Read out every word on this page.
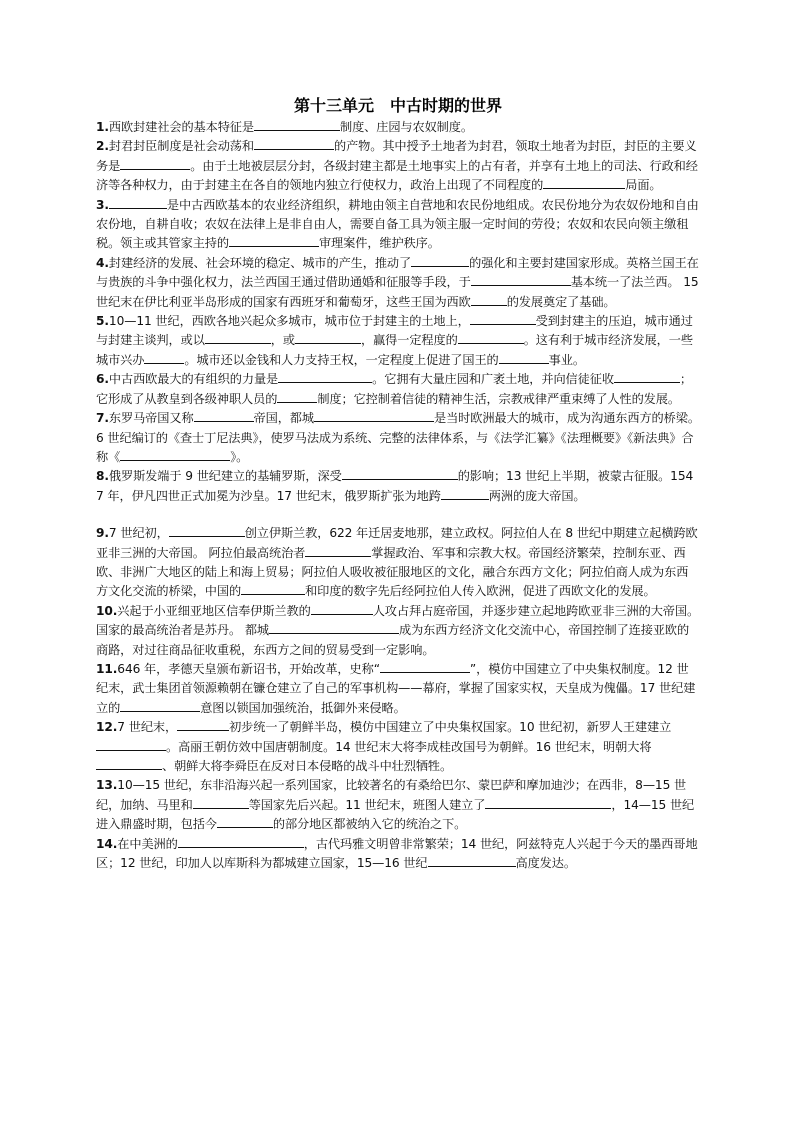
第十三单元　中古时期的世界

1.西欧封建社会的基本特征是	制度、庄园与农奴制度。

2.封君封臣制度是社会动荡和	的产物。其中授予土地者为封君，领取土地者为封臣，封臣的主要义务是	。由于土地被层层分封，各级封建主都是土地事实上的占有者，并享有土地上的司法、行政和经济等各种权力，由于封建主在各自的领地内独立行使权力，政治上出现了不同程度的	局面。

3.	是中古西欧基本的农业经济组织，耕地由领主自营地和农民份地组成。农民份地分为农奴份地和自由农份地，自耕自收；农奴在法律上是非自由人，需要自备工具为领主服一定时间的劳役；农奴和农民向领主缴租税。领主或其管家主持的	审理案件，维护秩序。

4.封建经济的发展、社会环境的稳定、城市的产生，推动了	的强化和主要封建国家形成。英格兰国王在与贵族的斗争中强化权力，法兰西国王通过借助通婚和征服等手段，于	基本统一了法兰西。 15 世纪末在伊比利亚半岛形成的国家有西班牙和葡萄牙，这些王国为西欧	的发展奠定了基础。

5.10—11 世纪，西欧各地兴起众多城市，城市位于封建主的土地上，	受到封建主的压迫，城市通过与封建主谈判，或以	，或	，赢得一定程度的	。这有利于城市经济发展，一些城市兴办	。城市还以金钱和人力支持王权，一定程度上促进了国王的	事业。

6.中古西欧最大的有组织的力量是	。它拥有大量庄园和广袤土地，并向信徒征收	；它形成了从教皇到各级神职人员的	制度；它控制着信徒的精神生活，宗教戒律严重束缚了人性的发展。

7.东罗马帝国又称	帝国，都城	是当时欧洲最大的城市，成为沟通东西方的桥梁。6 世纪编订的《查士丁尼法典》，使罗马法成为系统、完整的法律体系，与《法学汇纂》《法理概要》《新法典》合称《	》。

8.俄罗斯发端于 9 世纪建立的基辅罗斯，深受	的影响；13 世纪上半期，被蒙古征服。1547 年，伊凡四世正式加冕为沙皇。17 世纪末，俄罗斯扩张为地跨	两洲的庞大帝国。

9.7 世纪初，	创立伊斯兰教，622 年迁居麦地那，建立政权。阿拉伯人在 8 世纪中期建立起横跨欧亚非三洲的大帝国。 阿拉伯最高统治者	掌握政治、军事和宗教大权。帝国经济繁荣，控制东亚、西欧、非洲广大地区的陆上和海上贸易；阿拉伯人吸收被征服地区的文化，融合东西方文化；阿拉伯商人成为东西方文化交流的桥梁，中国的	和印度的数字先后经阿拉伯人传入欧洲，促进了西欧文化的发展。

10.兴起于小亚细亚地区信奉伊斯兰教的	人攻占拜占庭帝国，并逐步建立起地跨欧亚非三洲的大帝国。国家的最高统治者是苏丹。 都城	成为东西方经济文化交流中心，帝国控制了连接亚欧的商路，对过往商品征收重税，东西方之间的贸易受到一定影响。

11.646 年，孝德天皇颁布新诏书，开始改革，史称“	”，模仿中国建立了中央集权制度。12 世纪末，武士集团首领源赖朝在镰仓建立了自己的军事机构——幕府，掌握了国家实权，天皇成为傀儡。17 世纪建立的	意图以锁国加强统治，抵御外来侵略。

12.7 世纪末，	初步统一了朝鲜半岛，模仿中国建立了中央集权国家。10 世纪初，新罗人王建建立。高丽王朝仿效中国唐朝制度。14 世纪末大将李成桂改国号为朝鲜。16 世纪末，明朝大将、朝鲜大将李舜臣在反对日本侵略的战斗中壮烈牺牲。

13.10—15 世纪，东非沿海兴起一系列国家，比较著名的有桑给巴尔、蒙巴萨和摩加迪沙；在西非，8—15 世纪，加纳、马里和	等国家先后兴起。11 世纪末，班图人建立了	，14—15 世纪进入鼎盛时期，包括今	的部分地区都被纳入它的统治之下。

14.在中美洲的	，古代玛雅文明曾非常繁荣；14 世纪，阿兹特克人兴起于今天的墨西哥地区；12 世纪，印加人以库斯科为都城建立国家，15—16 世纪	高度发达。
